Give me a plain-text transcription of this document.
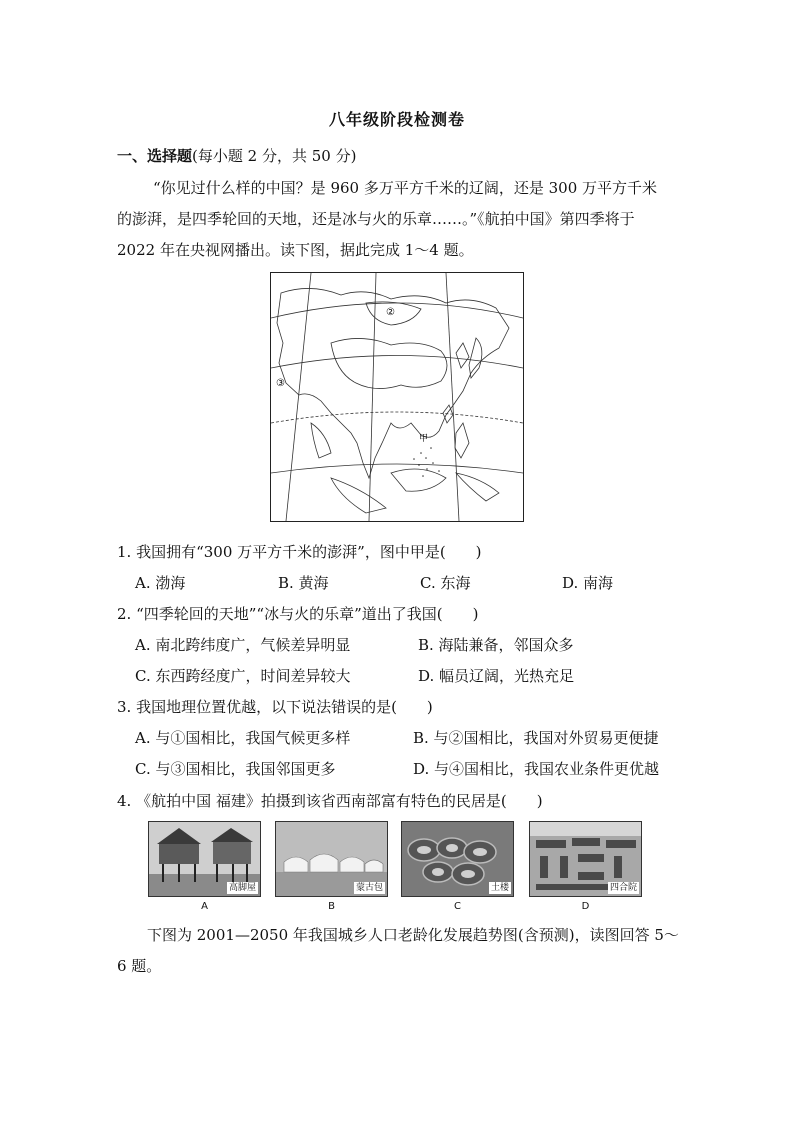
八年级阶段检测卷
一、选择题(每小题 2 分，共 50 分)
“你见过什么样的中国？是 960 多万平方千米的辽阔，还是 300 万平方千米
的澎湃，是四季轮回的天地，还是冰与火的乐章……。”《航拍中国》第四季将于
2022 年在央视网播出。读下图，据此完成 1～4 题。
②
③
甲
1. 我国拥有“300 万平方千米的澎湃”，图中甲是(　　)
A. 渤海	B. 黄海	C. 东海	D. 南海
2. “四季轮回的天地”“冰与火的乐章”道出了我国(　　)
A. 南北跨纬度广，气候差异明显	B. 海陆兼备，邻国众多
C. 东西跨经度广，时间差异较大	D. 幅员辽阔，光热充足
3. 我国地理位置优越，以下说法错误的是(　　)
A. 与①国相比，我国气候更多样	B. 与②国相比，我国对外贸易更便捷
C. 与③国相比，我国邻国更多	D. 与④国相比，我国农业条件更优越
4. 《航拍中国 福建》拍摄到该省西南部富有特色的民居是(　　)
高脚屋
A
蒙古包
B
土楼
C
四合院
D
下图为 2001—2050 年我国城乡人口老龄化发展趋势图(含预测)，读图回答 5～
6 题。
